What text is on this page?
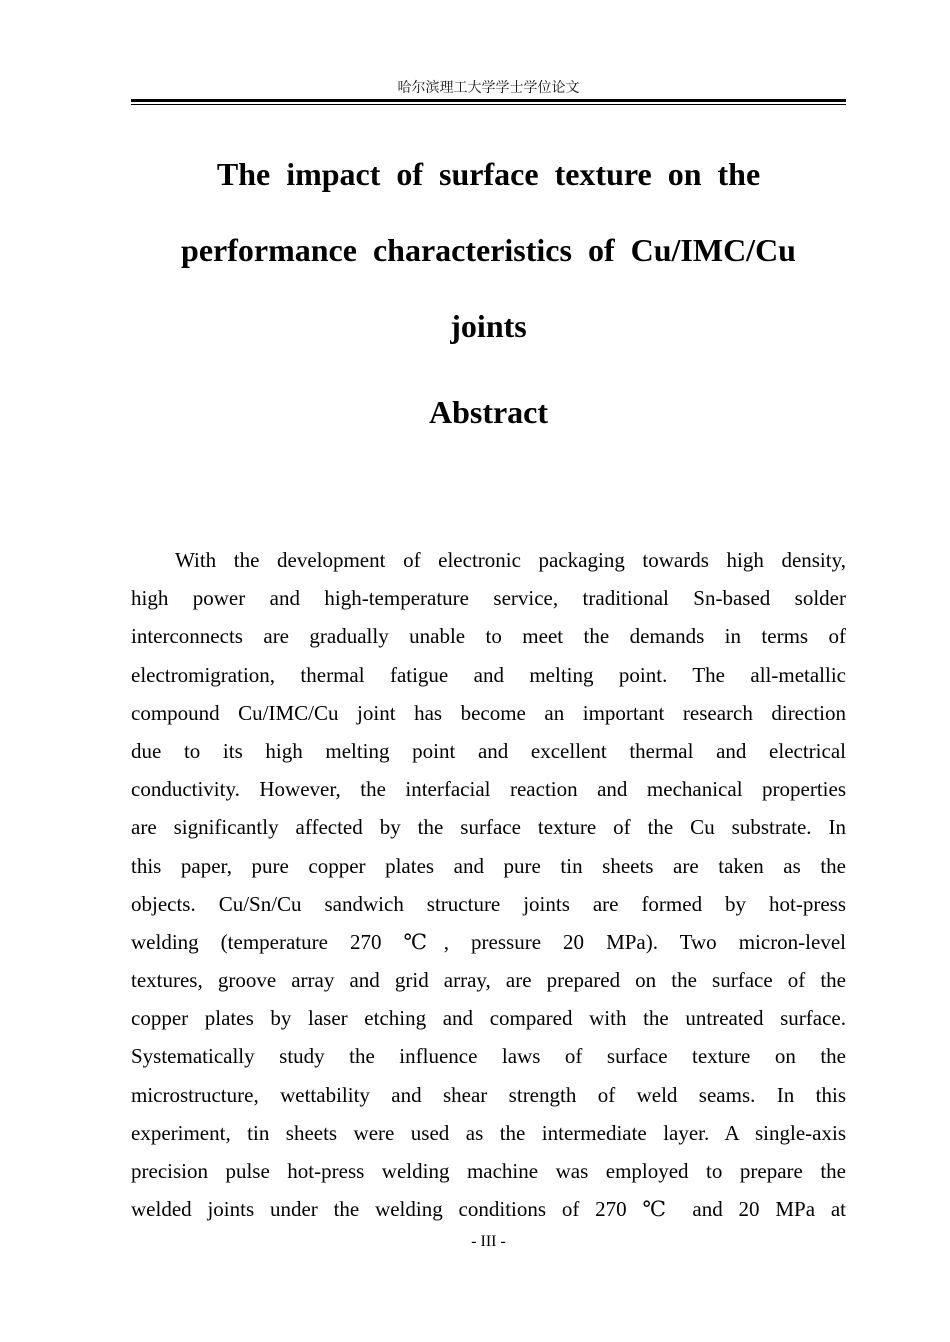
哈尔滨理工大学学士学位论文
The impact of surface texture on the
performance characteristics of Cu/IMC/Cu
joints
Abstract
With the development of electronic packaging towards high density,
high power and high-temperature service, traditional Sn-based solder
interconnects are gradually unable to meet the demands in terms of
electromigration, thermal fatigue and melting point. The all-metallic
compound Cu/IMC/Cu joint has become an important research direction
due to its high melting point and excellent thermal and electrical
conductivity. However, the interfacial reaction and mechanical properties
are significantly affected by the surface texture of the Cu substrate. In
this paper, pure copper plates and pure tin sheets are taken as the
objects. Cu/Sn/Cu sandwich structure joints are formed by hot-press
welding (temperature 270 ℃, pressure 20 MPa). Two micron-level
textures, groove array and grid array, are prepared on the surface of the
copper plates by laser etching and compared with the untreated surface.
Systematically study the influence laws of surface texture on the
microstructure, wettability and shear strength of weld seams. In this
experiment, tin sheets were used as the intermediate layer. A single-axis
precision pulse hot-press welding machine was employed to prepare the
welded joints under the welding conditions of 270 ℃ and 20 MPa at
- III -
